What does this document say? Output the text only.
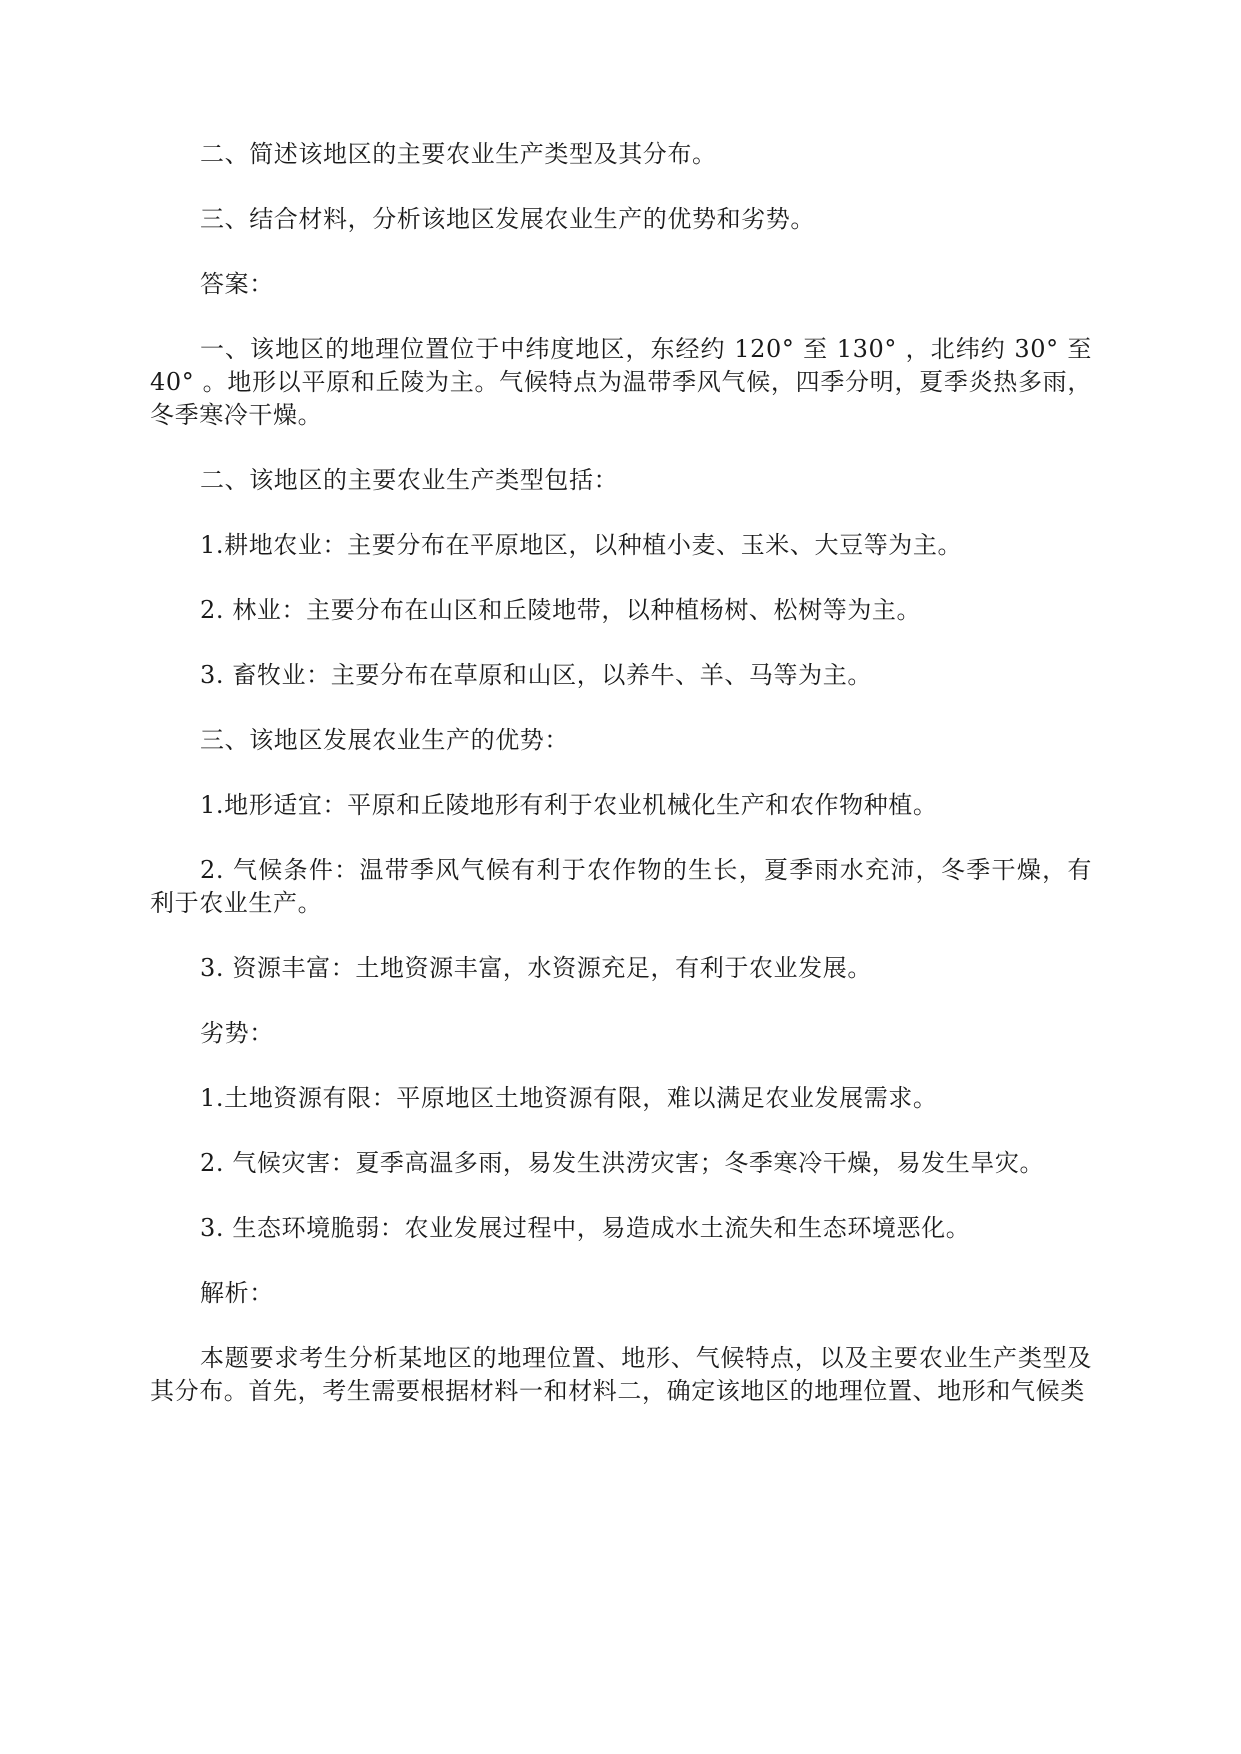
二、简述该地区的主要农业生产类型及其分布。

三、结合材料，分析该地区发展农业生产的优势和劣势。

答案：

一、该地区的地理位置位于中纬度地区，东经约 120° 至 130° ，北纬约 30° 至 40° 。地形以平原和丘陵为主。气候特点为温带季风气候，四季分明，夏季炎热多雨，冬季寒冷干燥。

二、该地区的主要农业生产类型包括：

1.耕地农业：主要分布在平原地区，以种植小麦、玉米、大豆等为主。

2. 林业：主要分布在山区和丘陵地带，以种植杨树、松树等为主。

3. 畜牧业：主要分布在草原和山区，以养牛、羊、马等为主。

三、该地区发展农业生产的优势：

1.地形适宜：平原和丘陵地形有利于农业机械化生产和农作物种植。

2. 气候条件：温带季风气候有利于农作物的生长，夏季雨水充沛，冬季干燥，有利于农业生产。

3. 资源丰富：土地资源丰富，水资源充足，有利于农业发展。

劣势：

1.土地资源有限：平原地区土地资源有限，难以满足农业发展需求。

2. 气候灾害：夏季高温多雨，易发生洪涝灾害；冬季寒冷干燥，易发生旱灾。

3. 生态环境脆弱：农业发展过程中，易造成水土流失和生态环境恶化。

解析：

本题要求考生分析某地区的地理位置、地形、气候特点，以及主要农业生产类型及其分布。首先，考生需要根据材料一和材料二，确定该地区的地理位置、地形和气候类
